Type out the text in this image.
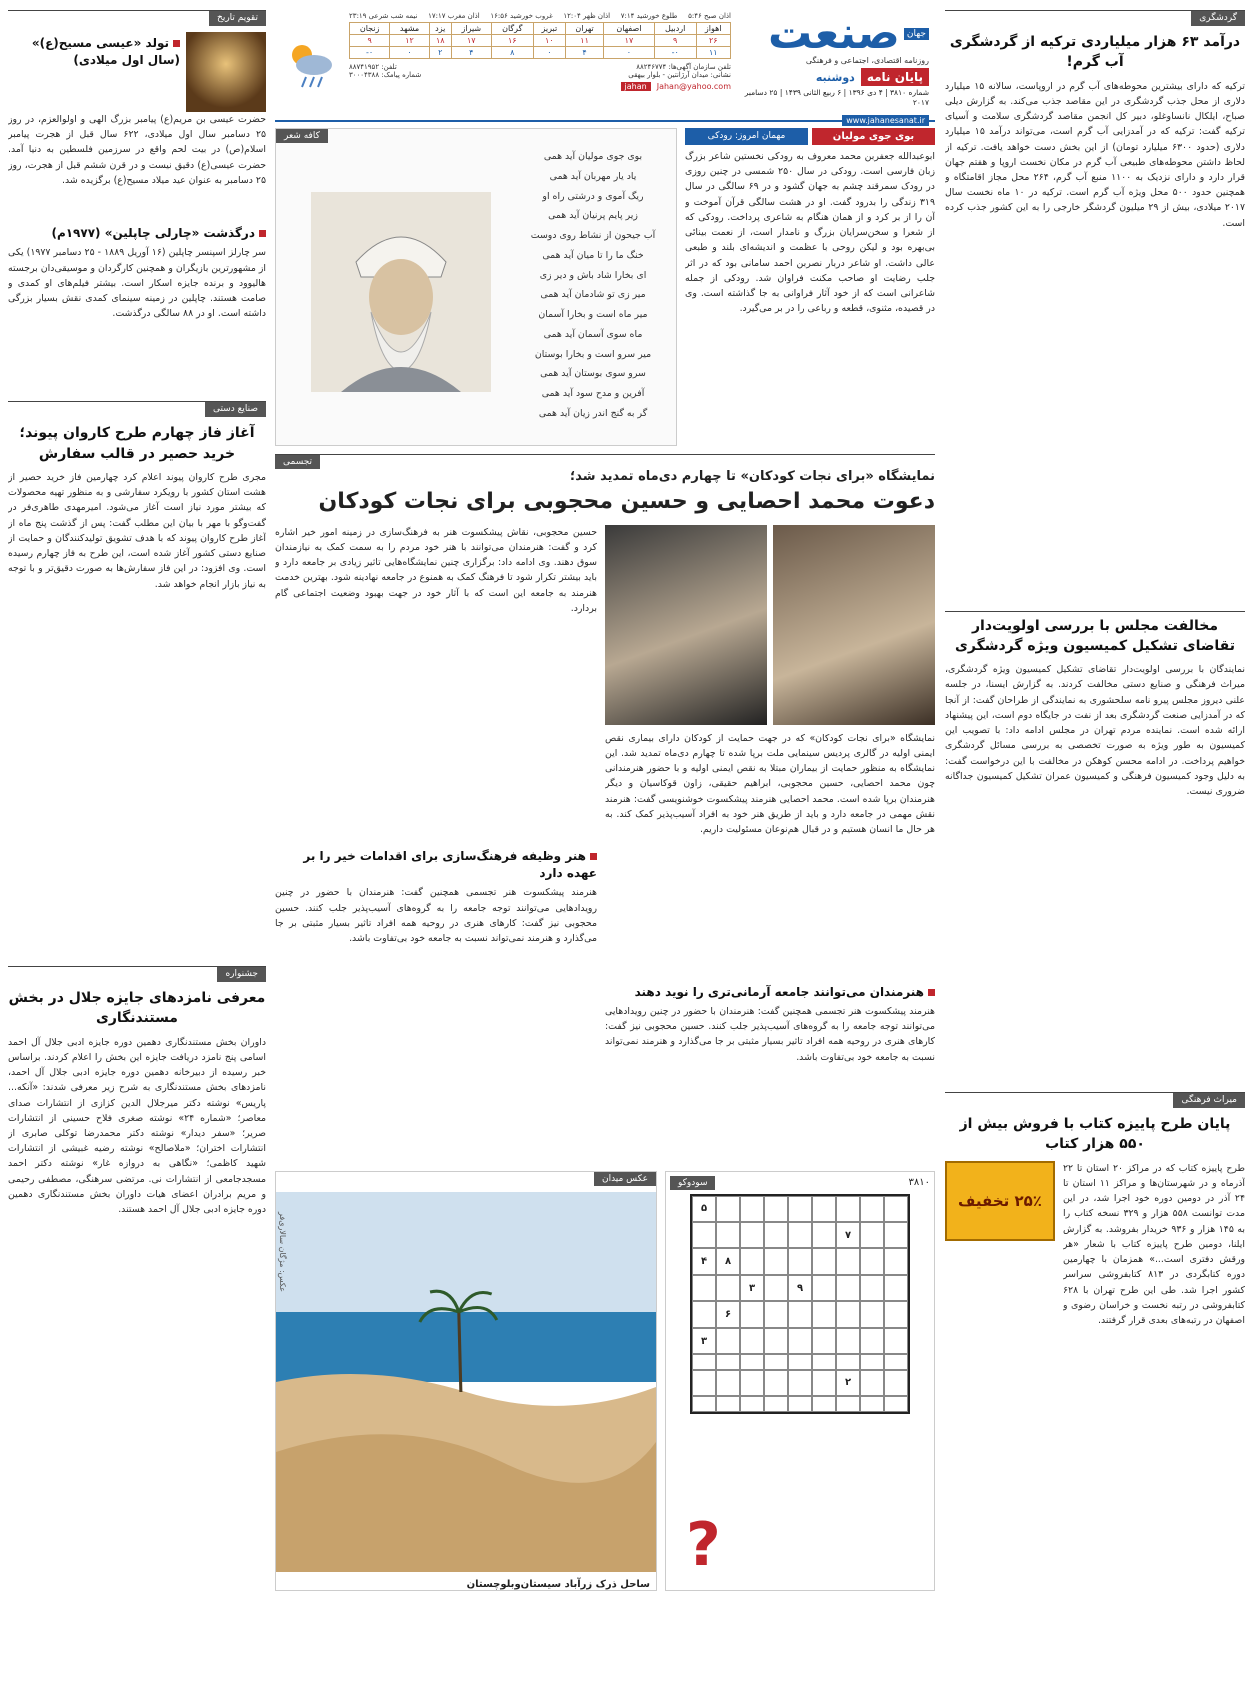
گردشگری
درآمد ۶۳ هزار میلیاردی ترکیه از گردشگری آب گرم!
ترکیه که دارای بیشترین محوطه‌های آب گرم در اروپاست، سالانه ۱۵ میلیارد دلاری از محل جذب گردشگری در این مقاصد جذب می‌کند. به گزارش دیلی صباح، ایلکال نانساوغلو، دبیر کل انجمن مقاصد گردشگری سلامت و آسیای ترکیه گفت: ترکیه که در آمدزایی آب گرم است، می‌تواند درآمد ۱۵ میلیارد دلاری (حدود ۶۳۰۰ میلیارد تومان) از این بخش دست خواهد یافت. ترکیه از لحاظ داشتن محوطه‌های طبیعی آب گرم در مکان نخست اروپا و هفتم جهان قرار دارد و دارای نزدیک به ۱۱۰۰ منبع آب گرم، ۲۶۴ محل مجاز اقامتگاه و همچنین حدود ۵۰۰ محل ویژه آب گرم است. ترکیه در ۱۰ ماه نخست سال ۲۰۱۷ میلادی، بیش از ۲۹ میلیون گردشگر خارجی را به این کشور جذب کرده است.
مخالفت مجلس با بررسی اولویت‌دار تقاضای تشکیل کمیسیون ویژه گردشگری
نمایندگان با بررسی اولویت‌دار تقاضای تشکیل کمیسیون ویژه گردشگری، میراث فرهنگی و صنایع دستی مخالفت کردند. به گزارش ایسنا، در جلسه علنی دیروز مجلس پیرو نامه سلحشوری به نمایندگی از طراحان گفت: از آنجا که در آمدزایی صنعت گردشگری بعد از نفت در جایگاه دوم است، این پیشنهاد ارائه شده است. نماینده مردم تهران در مجلس ادامه داد: با تصویب این کمیسیون به طور ویژه به صورت تخصصی به بررسی مسائل گردشگری خواهیم پرداخت. در ادامه محسن کوهکن در مخالفت با این درخواست گفت: به دلیل وجود کمیسیون فرهنگی و کمیسیون عمران تشکیل کمیسیون جداگانه ضروری نیست.
میراث فرهنگی
پایان طرح پاییزه کتاب با فروش بیش از ۵۵۰ هزار کتاب
طرح پاییزه کتاب که در مراکز ۲۰ استان تا ۲۲ آذرماه و در شهرستان‌ها و مراکز ۱۱ استان تا ۲۴ آذر در دومین دوره خود اجرا شد، در این مدت توانست ۵۵۸ هزار و ۳۲۹ نسخه کتاب را به ۱۴۵ هزار و ۹۳۶ خریدار بفروشد. به گزارش ایلنا، دومین طرح پاییزه کتاب با شعار «هر ورقش دفتری است...» همزمان با چهارمین دوره کتابگردی در ۸۱۳ کتابفروشی سراسر کشور اجرا شد. طی این طرح تهران با ۶۲۸ کتابفروشی در رتبه نخست و خراسان رضوی و اصفهان در رتبه‌های بعدی قرار گرفتند.
۲۵٪ تخفیف
جهان
صنعت
روزنامه اقتصادی، اجتماعی و فرهنگی
پایان نامه
دوشنبه
شماره ۳۸۱۰ | ۴ دی ۱۳۹۶ | ۶ ربیع الثانی ۱۴۳۹ | ۲۵ دسامبر ۲۰۱۷
www.jahanesanat.ir
اذان صبح ۵:۴۶
طلوع خورشید ۷:۱۴
اذان ظهر ۱۲:۰۴
غروب خورشید ۱۶:۵۶
اذان مغرب ۱۷:۱۷
نیمه شب شرعی ۲۳:۱۹
اهواز	اردبیل	اصفهان	تهران	تبریز	گرگان	شیراز	یزد	مشهد	زنجان
۲۶	۹	۱۷	۱۱	۱۰	۱۶	۱۷	۱۸	۱۲	۹
۱۱	۰-	۰	۴	۰	۸	۴	۲	۰	۰-
تلفن سازمان آگهی‌ها: ۸۸۲۴۶۷۷۴
تلفن: ۸۸۷۴۱۹۵۲
نشانی: میدان آرژانتین - بلوار بیهقی
شماره پیامک: ۳۰۰۰۴۳۸۸
Jahan@yahoo.com
jahan
بوی جوی مولیان
مهمان امروز: رودکی
ابوعبدالله جعفربن محمد معروف به رودکی نخستین شاعر بزرگ زبان فارسی است. رودکی در سال ۲۵۰ شمسی در چنین روزی در رودک سمرقند چشم به جهان گشود و در ۶۹ سالگی در سال ۳۱۹ زندگی را بدرود گفت. او در هشت سالگی قرآن آموخت و آن را از بر کرد و از همان هنگام به شاعری پرداخت. رودکی که از شعرا و سخن‌سرایان بزرگ و نامدار است، از نعمت بینائی بی‌بهره بود و لیکن روحی با عظمت و اندیشه‌ای بلند و طبعی عالی داشت. او شاعر دربار نصربن احمد سامانی بود که در اثر جلب رضایت او صاحب مکنت فراوان شد. رودکی از جمله شاعرانی است که از خود آثار فراوانی به جا گذاشته است. وی در قصیده، مثنوی، قطعه و رباعی را در بر می‌گیرد.
کافه شعر
بوی جوی مولیان آید همی
یاد یار مهربان آید همی
ریگ آموی و درشتی راه او
زیر پایم پرنیان آید همی
آب جیحون از نشاط روی دوست
خنگ ما را تا میان آید همی
ای بخارا شاد باش و دیر زی
میر زی تو شادمان آید همی
میر ماه است و بخارا آسمان
ماه سوی آسمان آید همی
میر سرو است و بخارا بوستان
سرو سوی بوستان آید همی
آفرین و مدح سود آید همی
گر به گنج اندر زیان آید همی
تجسمی
نمایشگاه «برای نجات کودکان» تا چهارم دی‌ماه تمدید شد؛
دعوت محمد احصایی و حسین محجوبی برای نجات کودکان
نمایشگاه «برای نجات کودکان» که در جهت حمایت از کودکان دارای بیماری نقص ایمنی اولیه در گالری پردیس سینمایی ملت برپا شده تا چهارم دی‌ماه تمدید شد. این نمایشگاه به منظور حمایت از بیماران مبتلا به نقص ایمنی اولیه و با حضور هنرمندانی چون محمد احصایی، حسین محجوبی، ابراهیم حقیقی، زاون قوکاسیان و دیگر هنرمندان برپا شده است. محمد احصایی هنرمند پیشکسوت خوشنویسی گفت: هنرمند نقش مهمی در جامعه دارد و باید از طریق هنر خود به افراد آسیب‌پذیر کمک کند. به هر حال ما انسان هستیم و در قبال هم‌نوعان مسئولیت داریم.
هنرمندان می‌توانند جامعه آرمانی‌تری را نوید دهند
هنرمند پیشکسوت هنر تجسمی همچنین گفت: هنرمندان با حضور در چنین رویدادهایی می‌توانند توجه جامعه را به گروه‌های آسیب‌پذیر جلب کنند. حسین محجوبی نیز گفت: کارهای هنری در روحیه همه افراد تاثیر بسیار مثبتی بر جا می‌گذارد و هنرمند نمی‌تواند نسبت به جامعه خود بی‌تفاوت باشد.
حسین محجوبی، نقاش پیشکسوت هنر به فرهنگ‌سازی در زمینه امور خیر اشاره کرد و گفت: هنرمندان می‌توانند با هنر خود مردم را به سمت کمک به نیازمندان سوق دهند. وی ادامه داد: برگزاری چنین نمایشگاه‌هایی تاثیر زیادی بر جامعه دارد و باید بیشتر تکرار شود تا فرهنگ کمک به همنوع در جامعه نهادینه شود. بهترین خدمت هنرمند به جامعه این است که با آثار خود در جهت بهبود وضعیت اجتماعی گام بردارد.
هنر وظیفه فرهنگ‌سازی برای اقدامات خیر را بر عهده دارد
هنرمند پیشکسوت هنر تجسمی همچنین گفت: هنرمندان با حضور در چنین رویدادهایی می‌توانند توجه جامعه را به گروه‌های آسیب‌پذیر جلب کنند. حسین محجوبی نیز گفت: کارهای هنری در روحیه همه افراد تاثیر بسیار مثبتی بر جا می‌گذارد و هنرمند نمی‌تواند نسبت به جامعه خود بی‌تفاوت باشد.
۳۸۱۰
سودوکو
۵
۷
۸
۴
۹
۳
۶
۳
۲
?
عکس میدان
ساحل ذرک زرآباد سیستان‌وبلوچستان
عکس: مژگان سالاری‌فر
تقویم تاریخ
تولد «عیسی مسیح(ع)» (سال اول میلادی)
حضرت عیسی بن مریم(ع) پیامبر بزرگ الهی و اولوالعزم، در روز ۲۵ دسامبر سال اول میلادی، ۶۲۲ سال قبل از هجرت پیامبر اسلام(ص) در بیت لحم واقع در سرزمین فلسطین به دنیا آمد. حضرت عیسی(ع) دقیق نیست و در قرن ششم قبل از هجرت، روز ۲۵ دسامبر به عنوان عید میلاد مسیح(ع) برگزیده شد.
درگذشت «چارلی چاپلین» (۱۹۷۷م)
سر چارلز اسپنسر چاپلین (۱۶ آوریل ۱۸۸۹ - ۲۵ دسامبر ۱۹۷۷) یکی از مشهورترین بازیگران و همچنین کارگردان و موسیقی‌دان برجسته هالیوود و برنده جایزه اسکار است. بیشتر فیلم‌های او کمدی و صامت هستند. چاپلین در زمینه سینمای کمدی نقش بسیار بزرگی داشته است. او در ۸۸ سالگی درگذشت.
صنایع دستی
آغاز فاز چهارم طرح کاروان پیوند؛ خرید حصیر در قالب سفارش
مجری طرح کاروان پیوند اعلام کرد چهارمین فاز خرید حصیر از هشت استان کشور با رویکرد سفارشی و به منظور تهیه محصولات که بیشتر مورد نیاز است آغاز می‌شود. امیرمهدی طاهری‌فر در گفت‌وگو با مهر با بیان این مطلب گفت: پس از گذشت پنج ماه از آغاز طرح کاروان پیوند که با هدف تشویق تولیدکنندگان و حمایت از صنایع دستی کشور آغاز شده است، این طرح به فاز چهارم رسیده است. وی افزود: در این فاز سفارش‌ها به صورت دقیق‌تر و با توجه به نیاز بازار انجام خواهد شد.
جشنواره
معرفی نامزدهای جایزه جلال در بخش مستندنگاری
داوران بخش مستندنگاری دهمین دوره جایزه ادبی جلال آل احمد اسامی پنج نامزد دریافت جایزه این بخش را اعلام کردند. براساس خبر رسیده از دبیرخانه دهمین دوره جایزه ادبی جلال آل احمد، نامزدهای بخش مستندنگاری به شرح زیر معرفی شدند: «آنکه... پاریس» نوشته دکتر میرجلال الدین کزازی از انتشارات صدای معاصر؛ «شماره ۲۴» نوشته صغری فلاح حسینی از انتشارات صریر؛ «سفر دیدار» نوشته دکتر محمدرضا توکلی صابری از انتشارات اختران؛ «ملاصالح» نوشته رضیه غبیشی از انتشارات شهید کاظمی؛ «نگاهی به دروازه غار» نوشته دکتر احمد مسجدجامعی از انتشارات نی. مرتضی سرهنگی، مصطفی رحیمی و مریم برادران اعضای هیات داوران بخش مستندنگاری دهمین دوره جایزه ادبی جلال آل احمد هستند.
